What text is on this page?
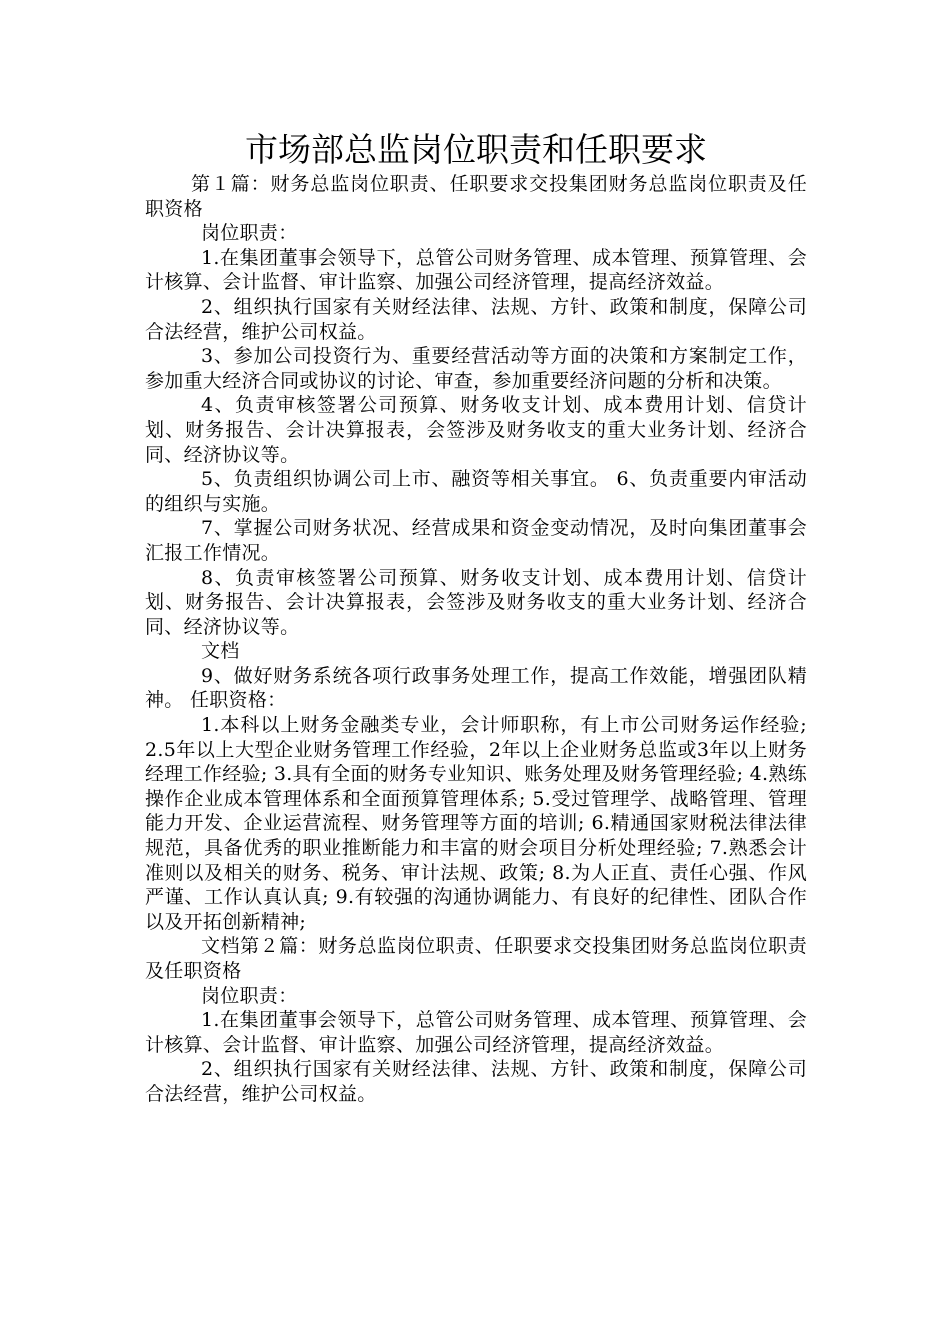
市场部总监岗位职责和任职要求

第１篇：财务总监岗位职责、任职要求交投集团财务总监岗位职责及任职资格

岗位职责：

1.在集团董事会领导下，总管公司财务管理、成本管理、预算管理、会计核算、会计监督、审计监察、加强公司经济管理，提高经济效益。

2、组织执行国家有关财经法律、法规、方针、政策和制度，保障公司合法经营，维护公司权益。

3、参加公司投资行为、重要经营活动等方面的决策和方案制定工作，参加重大经济合同或协议的讨论、审查，参加重要经济问题的分析和决策。

4、负责审核签署公司预算、财务收支计划、成本费用计划、信贷计划、财务报告、会计决算报表，会签涉及财务收支的重大业务计划、经济合同、经济协议等。

5、负责组织协调公司上市、融资等相关事宜。 6、负责重要内审活动的组织与实施。

7、掌握公司财务状况、经营成果和资金变动情况，及时向集团董事会汇报工作情况。

8、负责审核签署公司预算、财务收支计划、成本费用计划、信贷计划、财务报告、会计决算报表，会签涉及财务收支的重大业务计划、经济合同、经济协议等。

文档

9、做好财务系统各项行政事务处理工作，提高工作效能，增强团队精神。 任职资格：

1.本科以上财务金融类专业，会计师职称，有上市公司财务运作经验; 2.5年以上大型企业财务管理工作经验，2年以上企业财务总监或3年以上财务经理工作经验; 3.具有全面的财务专业知识、账务处理及财务管理经验; 4.熟练操作企业成本管理体系和全面预算管理体系; 5.受过管理学、战略管理、管理能力开发、企业运营流程、财务管理等方面的培训; 6.精通国家财税法律法律规范，具备优秀的职业推断能力和丰富的财会项目分析处理经验; 7.熟悉会计准则以及相关的财务、税务、审计法规、政策; 8.为人正直、责任心强、作风严谨、工作认真认真; 9.有较强的沟通协调能力、有良好的纪律性、团队合作以及开拓创新精神;

文档第２篇：财务总监岗位职责、任职要求交投集团财务总监岗位职责及任职资格

岗位职责：

1.在集团董事会领导下，总管公司财务管理、成本管理、预算管理、会计核算、会计监督、审计监察、加强公司经济管理，提高经济效益。

2、组织执行国家有关财经法律、法规、方针、政策和制度，保障公司合法经营，维护公司权益。
